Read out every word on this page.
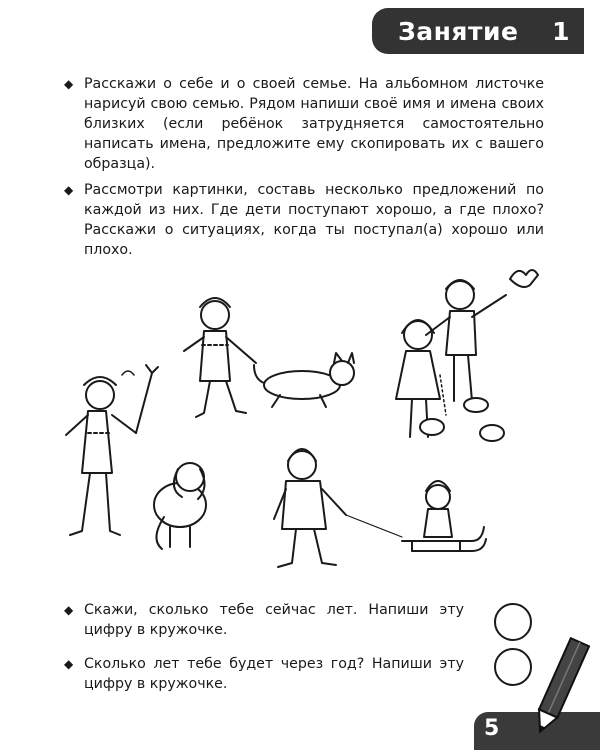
Занятие 1
◆ Расскажи о себе и о своей семье. На альбомном листочке нарисуй свою семью. Рядом напиши своё имя и имена своих близких (если ребёнок затрудняется самостоятельно написать имена, предложите ему скопировать их с вашего образца).

◆ Рассмотри картинки, составь несколько предложений по каждой из них. Где дети поступают хорошо, а где плохо? Расскажи о ситуациях, когда ты поступал(а) хорошо или плохо.

◆ Скажи, сколько тебе сейчас лет. Напиши эту цифру в кружочке.

◆ Сколько лет тебе будет через год? Напиши эту цифру в кружочке.

5
